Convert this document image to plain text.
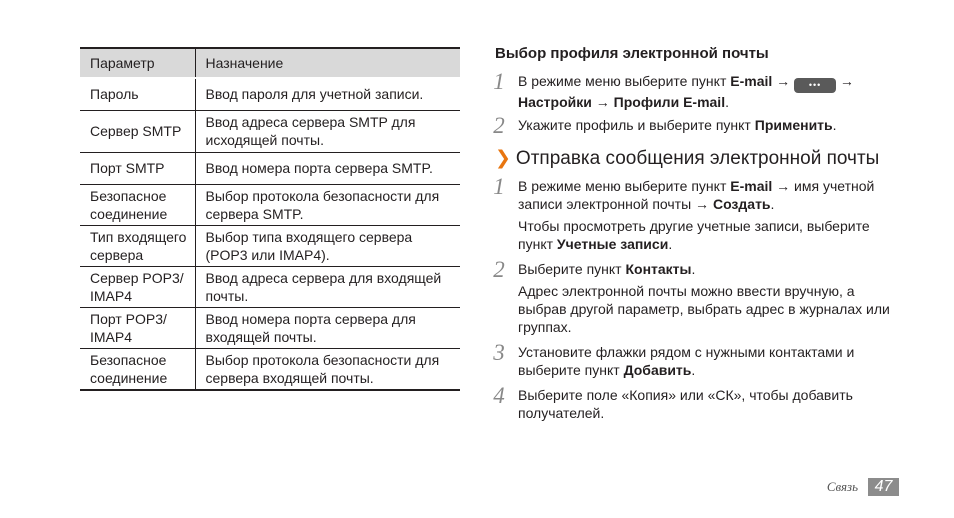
Параметр	Назначение
Пароль	Ввод пароля для учетной записи.
Сервер SMTP	Ввод адреса сервера SMTP для исходящей почты.
Порт SMTP	Ввод номера порта сервера SMTP.
Безопасное соединение	Выбор протокола безопасности для сервера SMTP.
Тип входящего сервера	Выбор типа входящего сервера (POP3 или IMAP4).
Сервер POP3/ IMAP4	Ввод адреса сервера для входящей почты.
Порт POP3/ IMAP4	Ввод номера порта сервера для входящей почты.
Безопасное соединение	Выбор протокола безопасности для сервера входящей почты.
Выбор профиля электронной почты
1 В режиме меню выберите пункт E-mail → ••• →
Настройки → Профили E-mail.
2 Укажите профиль и выберите пункт Применить.
❯ Отправка сообщения электронной почты
1 В режиме меню выберите пункт E-mail → имя учетной записи электронной почты → Создать.
Чтобы просмотреть другие учетные записи, выберите пункт Учетные записи.
2 Выберите пункт Контакты.
Адрес электронной почты можно ввести вручную, а выбрав другой параметр, выбрать адрес в журналах или группах.
3 Установите флажки рядом с нужными контактами и выберите пункт Добавить.
4 Выберите поле «Копия» или «СК», чтобы добавить получателей.
Связь	47
